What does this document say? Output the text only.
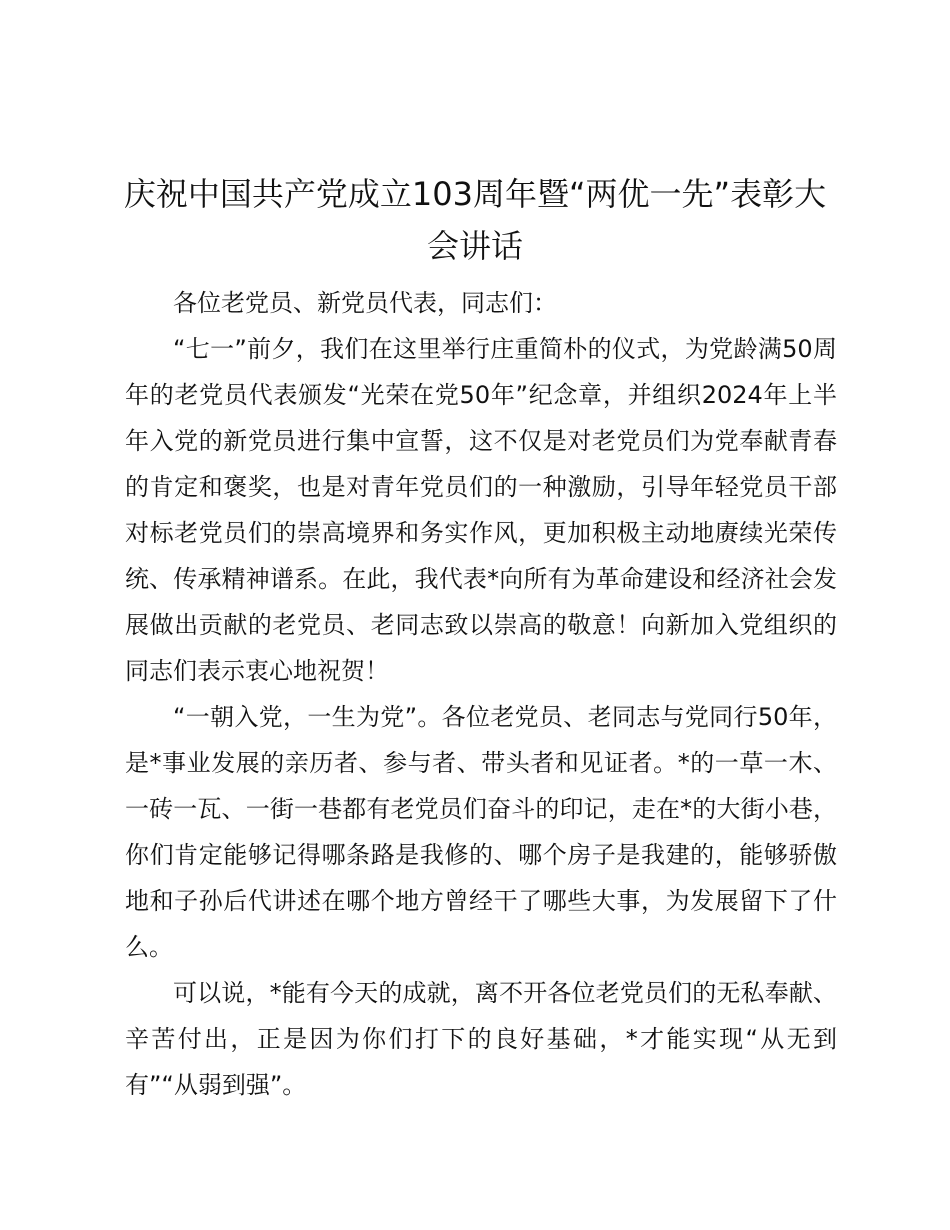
庆祝中国共产党成立103周年暨“两优一先”表彰大会讲话

各位老党员、新党员代表，同志们：

“七一”前夕，我们在这里举行庄重简朴的仪式，为党龄满50周年的老党员代表颁发“光荣在党50年”纪念章，并组织2024年上半年入党的新党员进行集中宣誓，这不仅是对老党员们为党奉献青春的肯定和褒奖，也是对青年党员们的一种激励，引导年轻党员干部对标老党员们的崇高境界和务实作风，更加积极主动地赓续光荣传统、传承精神谱系。在此，我代表*向所有为革命建设和经济社会发展做出贡献的老党员、老同志致以崇高的敬意！向新加入党组织的同志们表示衷心地祝贺！

“一朝入党，一生为党”。各位老党员、老同志与党同行50年，是*事业发展的亲历者、参与者、带头者和见证者。*的一草一木、一砖一瓦、一街一巷都有老党员们奋斗的印记，走在*的大街小巷，你们肯定能够记得哪条路是我修的、哪个房子是我建的，能够骄傲地和子孙后代讲述在哪个地方曾经干了哪些大事，为发展留下了什么。

可以说，*能有今天的成就，离不开各位老党员们的无私奉献、辛苦付出，正是因为你们打下的良好基础，*才能实现“从无到有”“从弱到强”。
